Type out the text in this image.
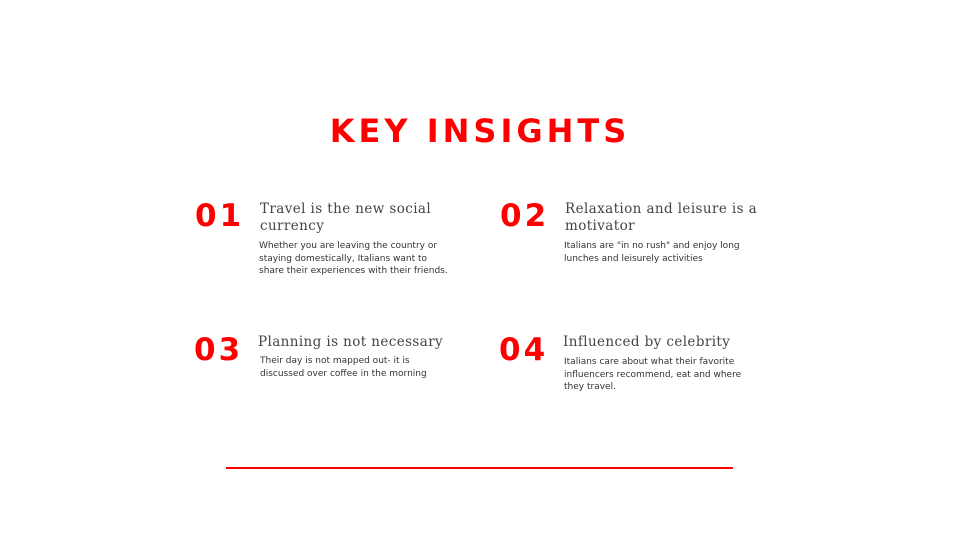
KEY INSIGHTS
01 Travel is the new social
currency
Whether you are leaving the country or
staying domestically, Italians want to
share their experiences with their friends.
02 Relaxation and leisure is a
motivator
Italians are "in no rush" and enjoy long
lunches and leisurely activities
03 Planning is not necessary
Their day is not mapped out- it is
discussed over coffee in the morning
04 Influenced by celebrity
Italians care about what their favorite
influencers recommend, eat and where
they travel.
